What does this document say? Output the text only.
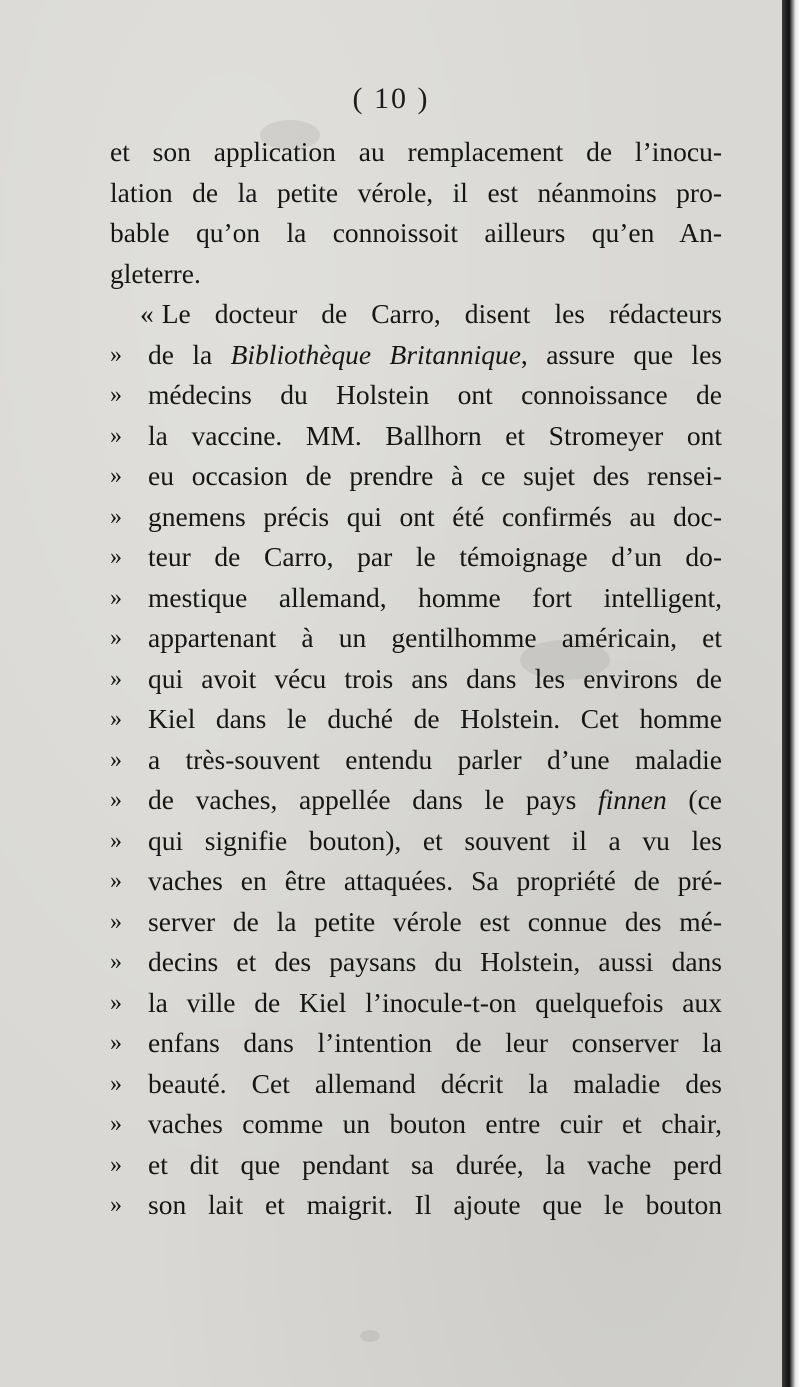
( 10 )
et son application au remplacement de l’inocu-
lation de la petite vérole, il est néanmoins pro-
bable qu’on la connoissoit ailleurs qu’en An-
gleterre.
« Le docteur de Carro, disent les rédacteurs
» de la Bibliothèque Britannique, assure que les
» médecins du Holstein ont connoissance de
» la vaccine. MM. Ballhorn et Stromeyer ont
» eu occasion de prendre à ce sujet des rensei-
» gnemens précis qui ont été confirmés au doc-
» teur de Carro, par le témoignage d’un do-
» mestique allemand, homme fort intelligent,
» appartenant à un gentilhomme américain, et
» qui avoit vécu trois ans dans les environs de
» Kiel dans le duché de Holstein. Cet homme
» a très-souvent entendu parler d’une maladie
» de vaches, appellée dans le pays finnen (ce
» qui signifie bouton), et souvent il a vu les
» vaches en être attaquées. Sa propriété de pré-
» server de la petite vérole est connue des mé-
» decins et des paysans du Holstein, aussi dans
» la ville de Kiel l’inocule-t-on quelquefois aux
» enfans dans l’intention de leur conserver la
» beauté. Cet allemand décrit la maladie des
» vaches comme un bouton entre cuir et chair,
» et dit que pendant sa durée, la vache perd
» son lait et maigrit. Il ajoute que le bouton
